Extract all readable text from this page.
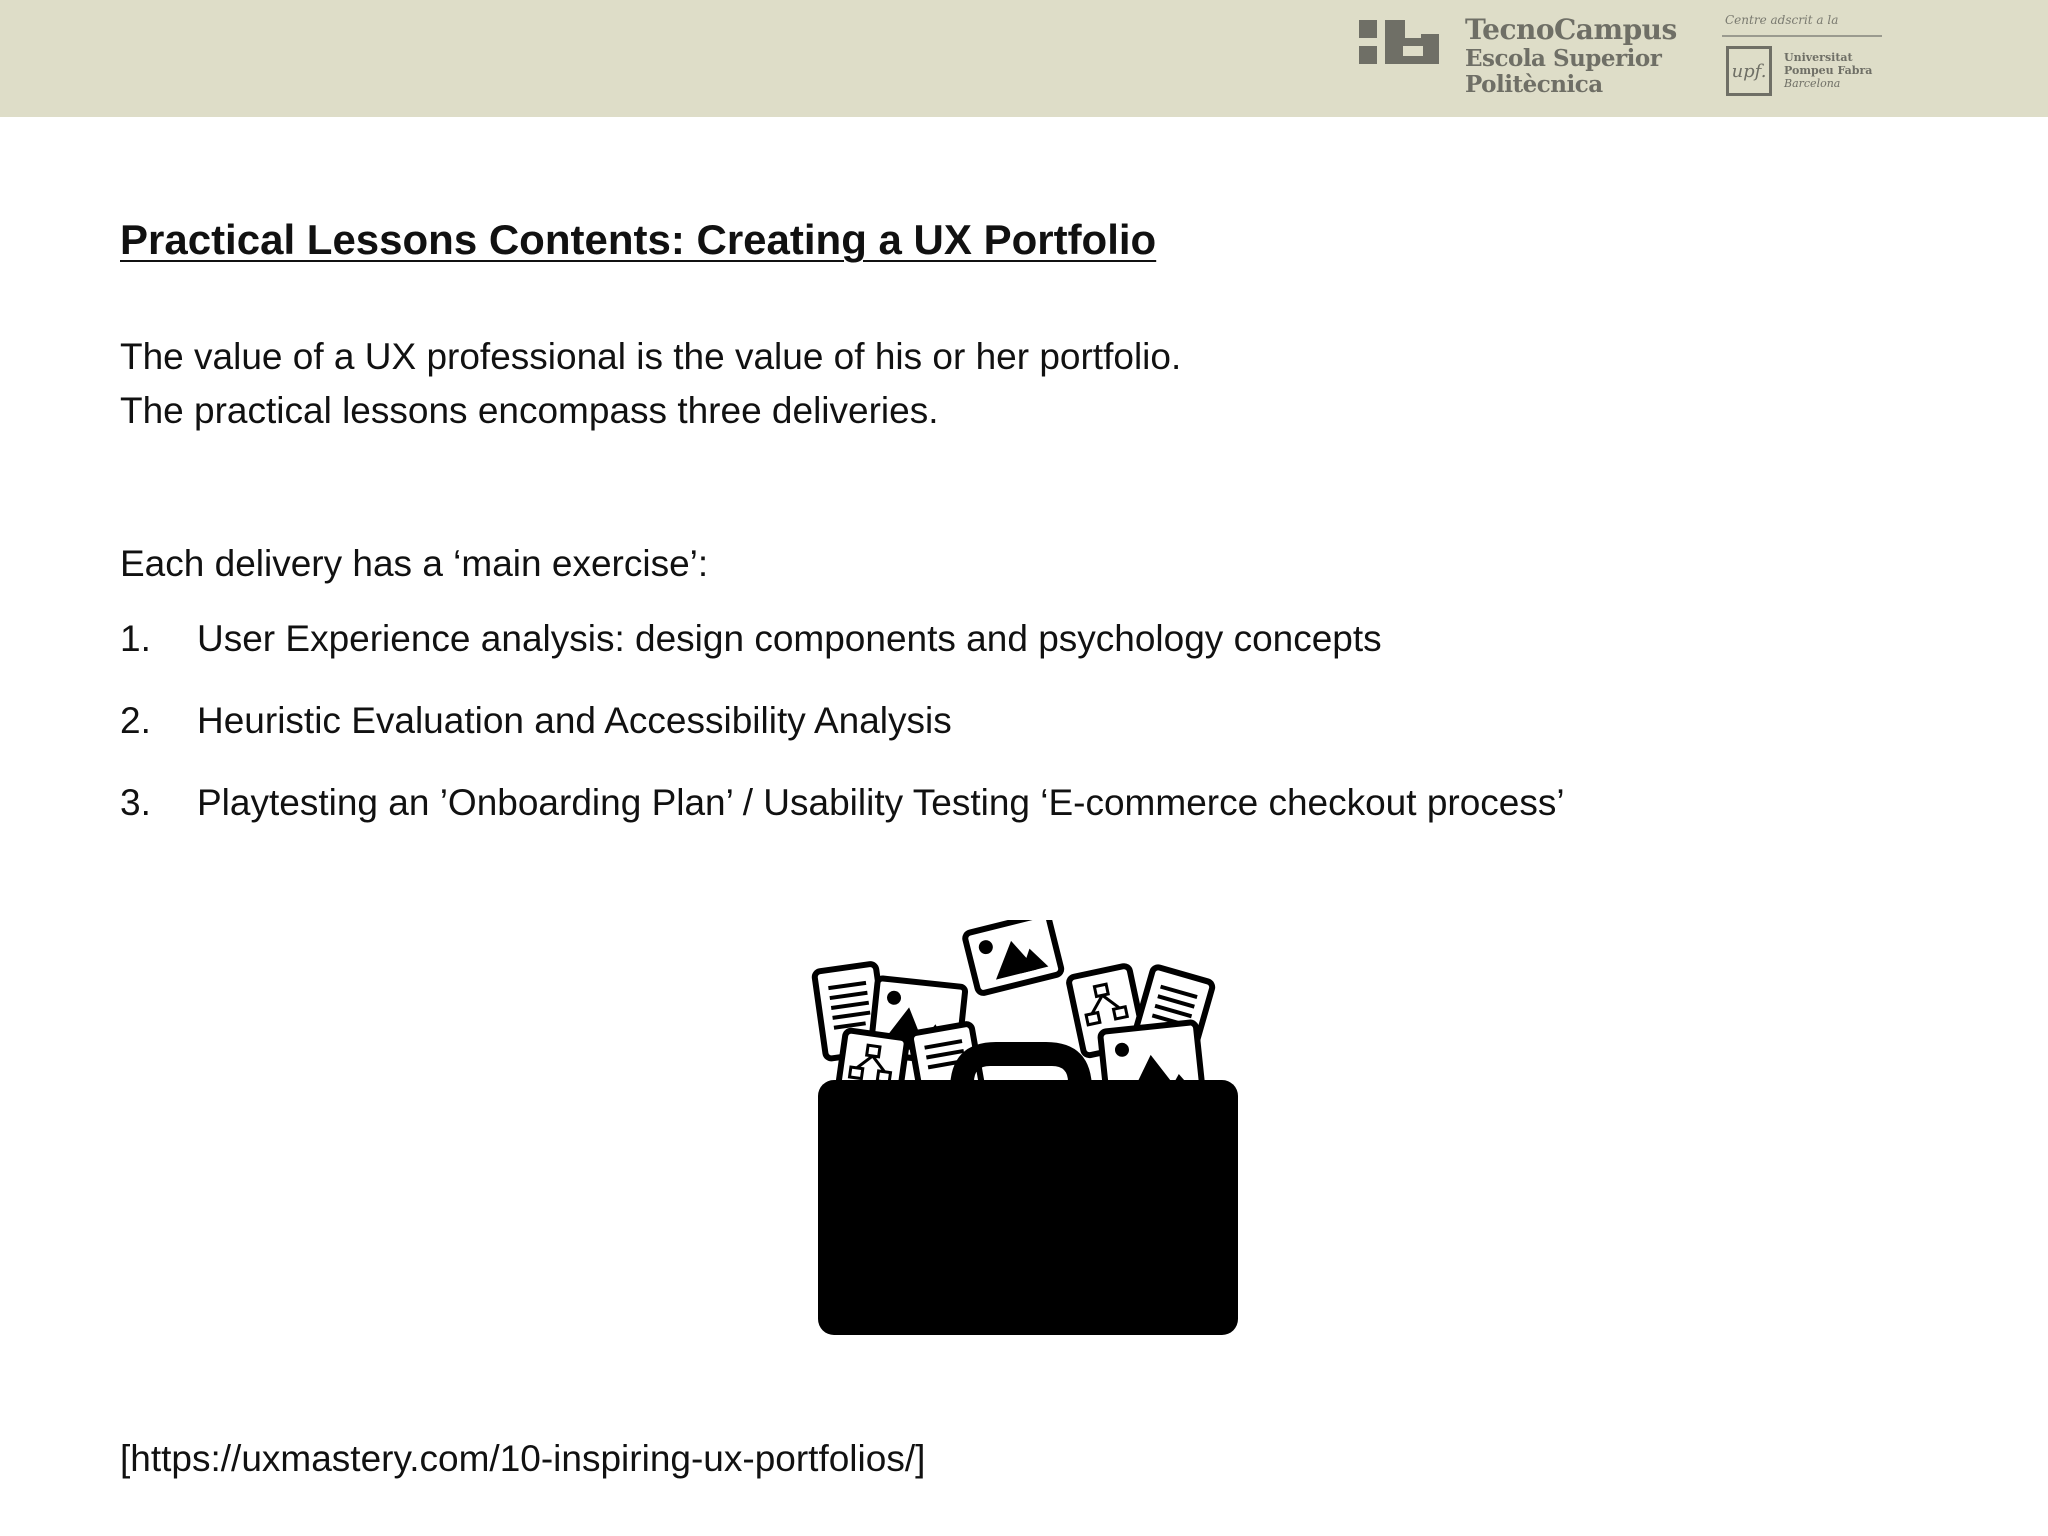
TecnoCampus
Escola Superior
Politècnica
Centre adscrit a la
upf.
Universitat
Pompeu Fabra
Barcelona
Practical Lessons Contents: Creating a UX Portfolio
The value of a UX professional is the value of his or her portfolio.
The practical lessons encompass three deliveries.
Each delivery has a ‘main exercise’:
1. User Experience analysis: design components and psychology concepts
2. Heuristic Evaluation and Accessibility Analysis
3. Playtesting an ’Onboarding Plan’ / Usability Testing ‘E-commerce checkout process’
[https://uxmastery.com/10-inspiring-ux-portfolios/]
